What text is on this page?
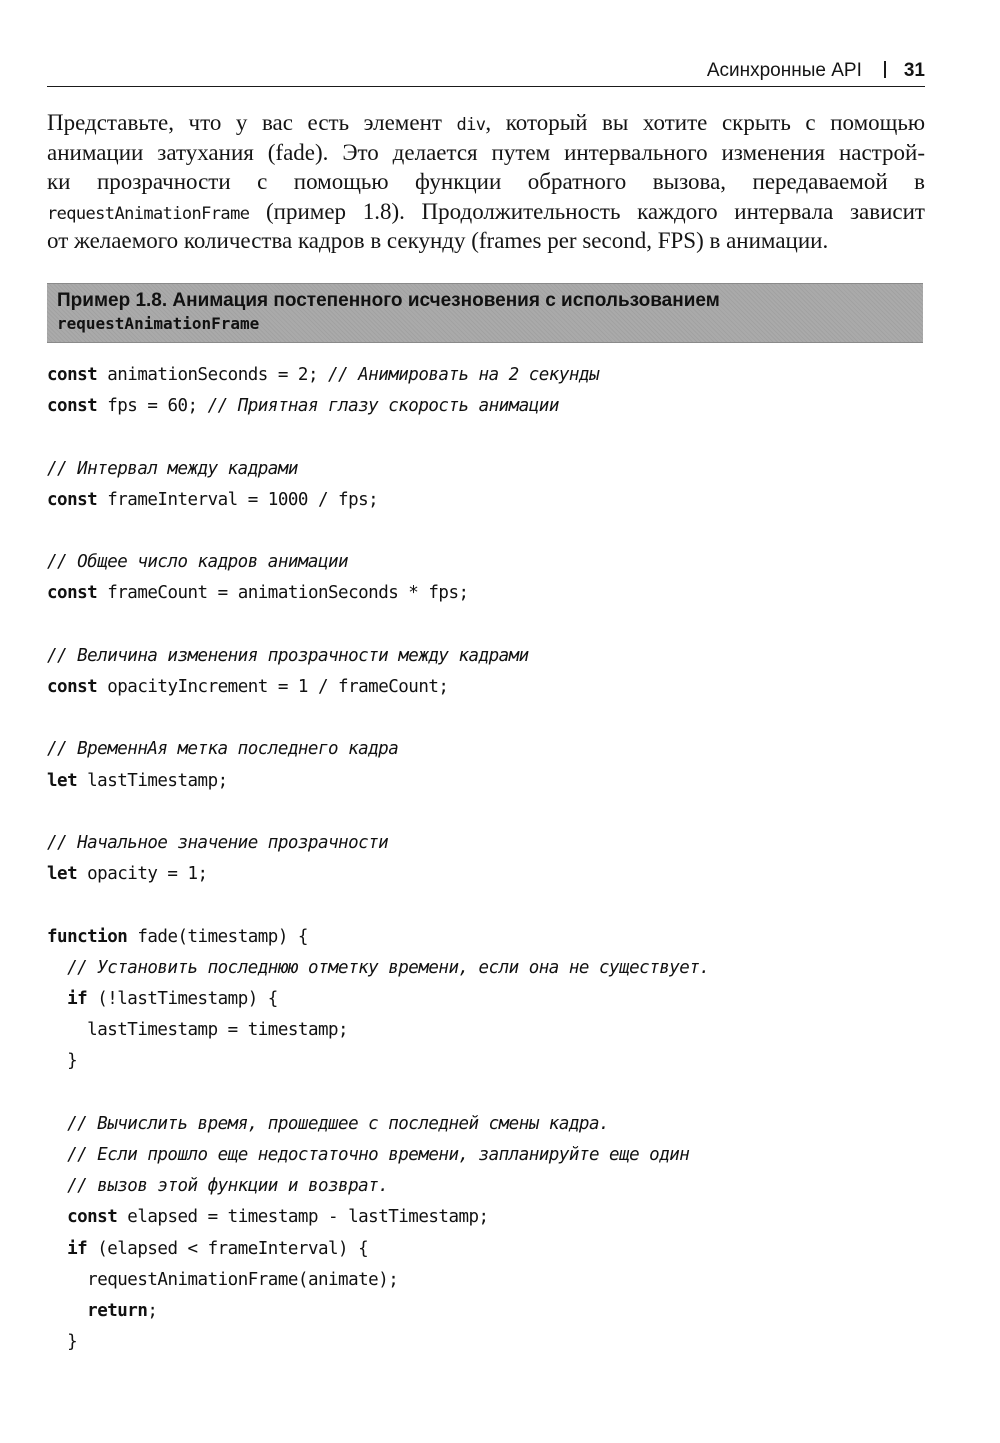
Асинхронные API 31

Представьте, что у вас есть элемент div, который вы хотите скрыть с помощью
анимации затухания (fade). Это делается путем интервального изменения настрой-
ки прозрачности с помощью функции обратного вызова, передаваемой в
requestAnimationFrame (пример 1.8). Продолжительность каждого интервала зависит
от желаемого количества кадров в секунду (frames per second, FPS) в анимации.

Пример 1.8. Анимация постепенного исчезновения с использованием
requestAnimationFrame

const animationSeconds = 2; // Анимировать на 2 секунды
const fps = 60; // Приятная глазу скорость анимации

// Интервал между кадрами
const frameInterval = 1000 / fps;

// Общее число кадров анимации
const frameCount = animationSeconds * fps;

// Величина изменения прозрачности между кадрами
const opacityIncrement = 1 / frameCount;

// ВременнАя метка последнего кадра
let lastTimestamp;

// Начальное значение прозрачности
let opacity = 1;

function fade(timestamp) {
// Установить последнюю отметку времени, если она не существует.
if (!lastTimestamp) {
lastTimestamp = timestamp;
}

// Вычислить время, прошедшее с последней смены кадра.
// Если прошло еще недостаточно времени, запланируйте еще один
// вызов этой функции и возврат.
const elapsed = timestamp - lastTimestamp;
if (elapsed < frameInterval) {
requestAnimationFrame(animate);
return;
}
